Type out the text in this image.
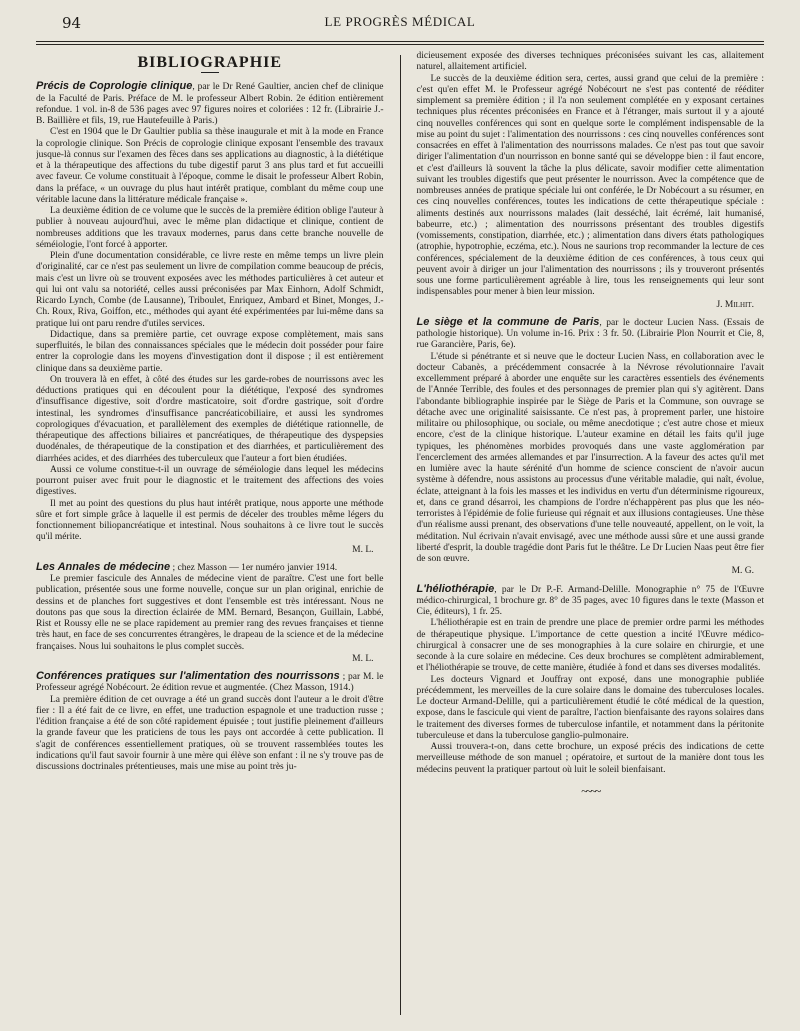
94	LE PROGRÈS MÉDICAL
BIBLIOGRAPHIE

Précis de Coprologie clinique, par le Dr René Gaultier, ancien chef de clinique de la Faculté de Paris. Préface de M. le professeur Albert Robin. 2e édition entièrement refondue. 1 vol. in-8 de 536 pages avec 97 figures noires et coloriées : 12 fr. (Librairie J.-B. Baillière et fils, 19, rue Hautefeuille à Paris.)

C'est en 1904 que le Dr Gaultier publia sa thèse inaugurale et mit à la mode en France la coprologie clinique. Son Précis de coprologie clinique exposant l'ensemble des travaux jusque-là connus sur l'examen des fèces dans ses applications au diagnostic, à la diététique et à la thérapeutique des affections du tube digestif parut 3 ans plus tard et fut accueilli avec faveur. Ce volume constituait à l'époque, comme le disait le professeur Albert Robin, dans la préface, « un ouvrage du plus haut intérêt pratique, comblant du même coup une véritable lacune dans la littérature médicale française ».

La deuxième édition de ce volume que le succès de la première édition oblige l'auteur à publier à nouveau aujourd'hui, avec le même plan didactique et clinique, contient de nombreuses additions que les travaux modernes, parus dans cette branche nouvelle de séméiologie, l'ont forcé à apporter.

Plein d'une documentation considérable, ce livre reste en même temps un livre plein d'originalité, car ce n'est pas seulement un livre de compilation comme beaucoup de précis, mais c'est un livre où se trouvent exposées avec les méthodes particulières à cet auteur et qui lui ont valu sa notoriété, celles aussi préconisées par Max Einhorn, Adolf Schmidt, Ricardo Lynch, Combe (de Lausanne), Triboulet, Enriquez, Ambard et Binet, Monges, J.-Ch. Roux, Riva, Goiffon, etc., méthodes qui ayant été expérimentées par lui-même dans sa pratique lui ont paru rendre d'utiles services.

Didactique, dans sa première partie, cet ouvrage expose complètement, mais sans superfluités, le bilan des connaissances spéciales que le médecin doit posséder pour faire entrer la coprologie dans les moyens d'investigation dont il dispose ; il est entièrement clinique dans sa deuxième partie.

On trouvera là en effet, à côté des études sur les garde-robes de nourrissons avec les déductions pratiques qui en découlent pour la diététique, l'exposé des syndromes d'insuffisance digestive, soit d'ordre masticatoire, soit d'ordre gastrique, soit d'ordre intestinal, les syndromes d'insuffisance pancréaticobiliaire, et aussi les syndromes coprologiques d'évacuation, et parallèlement des exemples de diététique rationnelle, de thérapeutique des affections biliaires et pancréatiques, de thérapeutique des dyspepsies duodénales, de thérapeutique de la constipation et des diarrhées, et particulièrement des diarrhées acides, et des diarrhées des tuberculeux que l'auteur a fort bien étudiées.

Aussi ce volume constitue-t-il un ouvrage de séméiologie dans lequel les médecins pourront puiser avec fruit pour le diagnostic et le traitement des affections des voies digestives.

Il met au point des questions du plus haut intérêt pratique, nous apporte une méthode sûre et fort simple grâce à laquelle il est permis de déceler des troubles même légers du fonctionnement biliopancréatique et intestinal. Nous souhaitons à ce livre tout le succès qu'il mérite.

M. L.

Les Annales de médecine ; chez Masson — 1er numéro janvier 1914.

Le premier fascicule des Annales de médecine vient de paraître. C'est une fort belle publication, présentée sous une forme nouvelle, conçue sur un plan original, enrichie de dessins et de planches fort suggestives et dont l'ensemble est très intéressant. Nous ne doutons pas que sous la direction éclairée de MM. Bernard, Besançon, Guillain, Labbé, Rist et Roussy elle ne se place rapidement au premier rang des revues françaises et tienne très haut, en face de ses concurrentes étrangères, le drapeau de la science et de la médecine françaises. Nous lui souhaitons le plus complet succès.

M. L.

Conférences pratiques sur l'alimentation des nourrissons ; par M. le Professeur agrégé Nobécourt. 2e édition revue et augmentée. (Chez Masson, 1914.)

La première édition de cet ouvrage a été un grand succès dont l'auteur a le droit d'être fier : Il a été fait de ce livre, en effet, une traduction espagnole et une traduction russe ; l'édition française a été de son côté rapidement épuisée ; tout justifie pleinement d'ailleurs la grande faveur que les praticiens de tous les pays ont accordée à cette publication. Il s'agit de conférences essentiellement pratiques, où se trouvent rassemblées toutes les indications qu'il faut savoir fournir à une mère qui élève son enfant : il ne s'y trouve pas de discussions doctrinales prétentieuses, mais une mise au point très ju-

dicieusement exposée des diverses techniques préconisées suivant les cas, allaitement naturel, allaitement artificiel.

Le succès de la deuxième édition sera, certes, aussi grand que celui de la première : c'est qu'en effet M. le Professeur agrégé Nobécourt ne s'est pas contenté de rééditer simplement sa première édition ; il l'a non seulement complétée en y exposant certaines techniques plus récentes préconisées en France et à l'étranger, mais surtout il y a ajouté cinq nouvelles conférences qui sont en quelque sorte le complément indispensable de la mise au point du sujet : l'alimentation des nourrissons : ces cinq nouvelles conférences sont consacrées en effet à l'alimentation des nourrissons malades. Ce n'est pas tout que savoir diriger l'alimentation d'un nourrisson en bonne santé qui se développe bien : il faut encore, et c'est d'ailleurs là souvent la tâche la plus délicate, savoir modifier cette alimentation suivant les troubles digestifs que peut présenter le nourrisson. Avec la compétence que de nombreuses années de pratique spéciale lui ont conférée, le Dr Nobécourt a su résumer, en ces cinq nouvelles conférences, toutes les indications de cette thérapeutique spéciale : aliments destinés aux nourrissons malades (lait desséché, lait écrémé, lait humanisé, babeurre, etc.) ; alimentation des nourrissons présentant des troubles digestifs (vomissements, constipation, diarrhée, etc.) ; alimentation dans divers états pathologiques (atrophie, hypotrophie, eczéma, etc.). Nous ne saurions trop recommander la lecture de ces conférences, spécialement de la deuxième édition de ces conférences, à tous ceux qui peuvent avoir à diriger un jour l'alimentation des nourrissons ; ils y trouveront présentés sous une forme particulièrement agréable à lire, tous les renseignements qui leur sont indispensables pour mener à bien leur mission.

J. Milhit.

Le siège et la commune de Paris, par le docteur Lucien Nass. (Essais de pathologie historique). Un volume in-16. Prix : 3 fr. 50. (Librairie Plon Nourrit et Cie, 8, rue Garancière, Paris, 6e).

L'étude si pénétrante et si neuve que le docteur Lucien Nass, en collaboration avec le docteur Cabanès, a précédemment consacrée à la Névrose révolutionnaire l'avait excellemment préparé à aborder une enquête sur les caractères essentiels des événements de l'Année Terrible, des foules et des personnages de premier plan qui s'y agitèrent. Dans l'abondante bibliographie inspirée par le Siège de Paris et la Commune, son ouvrage se détache avec une originalité saisissante. Ce n'est pas, à proprement parler, une histoire militaire ou philosophique, ou sociale, ou même anecdotique ; c'est autre chose et mieux encore, c'est de la clinique historique. L'auteur examine en détail les faits qu'il juge typiques, les phénomènes morbides provoqués dans une vaste agglomération par l'encerclement des armées allemandes et par l'insurrection. A la faveur des actes qu'il met en lumière avec la haute sérénité d'un homme de science conscient de n'avoir aucun système à défendre, nous assistons au processus d'une véritable maladie, qui naît, évolue, éclate, atteignant à la fois les masses et les individus en vertu d'un déterminisme rigoureux, et, dans ce grand désarroi, les champions de l'ordre n'échappèrent pas plus que les néo-terroristes à l'épidémie de folie furieuse qui régnait et aux illusions contagieuses. Une thèse d'un réalisme aussi prenant, des observations d'une telle nouveauté, appellent, on le voit, la méditation. Nul écrivain n'avait envisagé, avec une méthode aussi sûre et une aussi grande liberté d'esprit, la double tragédie dont Paris fut le théâtre. Le Dr Lucien Naas peut être fier de son œuvre.

M. G.

L'héliothérapie, par le Dr P.-F. Armand-Delille. Monographie n° 75 de l'Œuvre médico-chirurgical, 1 brochure gr. 8° de 35 pages, avec 10 figures dans le texte (Masson et Cie, éditeurs), 1 fr. 25.

L'héliothérapie est en train de prendre une place de premier ordre parmi les méthodes de thérapeutique physique. L'importance de cette question a incité l'Œuvre médico-chirurgical à consacrer une de ses monographies à la cure solaire en chirurgie, et une seconde à la cure solaire en médecine. Ces deux brochures se complètent admirablement, et l'héliothérapie se trouve, de cette manière, étudiée à fond et dans ses diverses modalités.

Les docteurs Vignard et Jouffray ont exposé, dans une monographie publiée précédemment, les merveilles de la cure solaire dans le domaine des tuberculoses locales. Le docteur Armand-Delille, qui a particulièrement étudié le côté médical de la question, expose, dans le fascicule qui vient de paraître, l'action bienfaisante des rayons solaires dans le traitement des diverses formes de tuberculose infantile, et notamment dans la péritonite tuberculeuse et dans la tuberculose ganglio-pulmonaire.

Aussi trouvera-t-on, dans cette brochure, un exposé précis des indications de cette merveilleuse méthode de son manuel ; opératoire, et surtout de la manière dont tous les médecins peuvent la pratiquer partout où luit le soleil bienfaisant.

~~~~
